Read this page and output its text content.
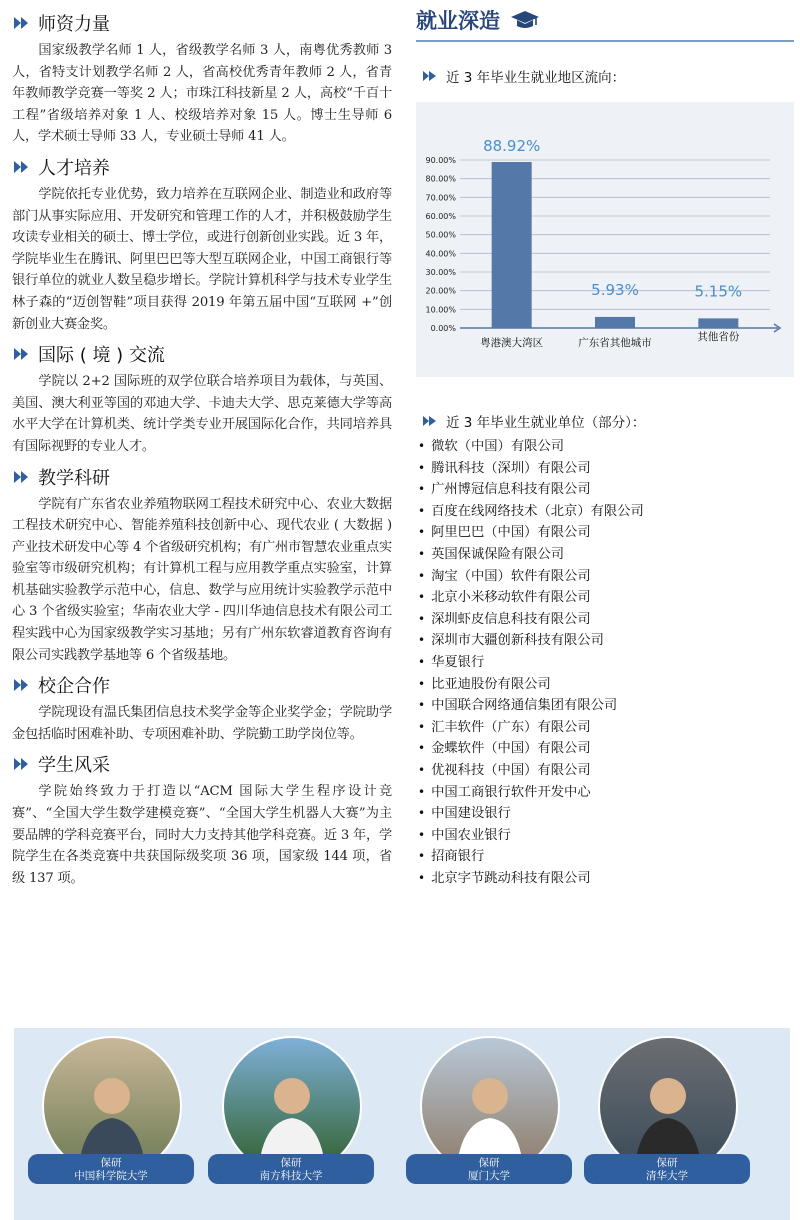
师资力量
国家级教学名师 1 人，省级教学名师 3 人，南粤优秀教师 3 人，省特支计划教学名师 2 人，省高校优秀青年教师 2 人，省青年教师教学竞赛一等奖 2 人；市珠江科技新星 2 人，高校“千百十工程”省级培养对象 1 人、校级培养对象 15 人。博士生导师 6 人，学术硕士导师 33 人，专业硕士导师 41 人。
人才培养
学院依托专业优势，致力培养在互联网企业、制造业和政府等部门从事实际应用、开发研究和管理工作的人才，并积极鼓励学生攻读专业相关的硕士、博士学位，或进行创新创业实践。近 3 年，学院毕业生在腾讯、阿里巴巴等大型互联网企业，中国工商银行等银行单位的就业人数呈稳步增长。学院计算机科学与技术专业学生林子森的“迈创智鞋”项目获得 2019 年第五届中国“互联网 +”创新创业大赛金奖。
国际 ( 境 ) 交流
学院以 2+2 国际班的双学位联合培养项目为载体，与英国、美国、澳大利亚等国的邓迪大学、卡迪夫大学、思克莱德大学等高水平大学在计算机类、统计学类专业开展国际化合作，共同培养具有国际视野的专业人才。
教学科研
学院有广东省农业养殖物联网工程技术研究中心、农业大数据工程技术研究中心、智能养殖科技创新中心、现代农业 ( 大数据 ) 产业技术研发中心等 4 个省级研究机构；有广州市智慧农业重点实验室等市级研究机构；有计算机工程与应用教学重点实验室，计算机基础实验教学示范中心，信息、数学与应用统计实验教学示范中心 3 个省级实验室；华南农业大学 - 四川华迪信息技术有限公司工程实践中心为国家级教学实习基地；另有广州东软睿道教育咨询有限公司实践教学基地等 6 个省级基地。
校企合作
学院现设有温氏集团信息技术奖学金等企业奖学金；学院助学金包括临时困难补助、专项困难补助、学院勤工助学岗位等。
学生风采
学院始终致力于打造以“ACM 国际大学生程序设计竞赛”、“全国大学生数学建模竞赛”、“全国大学生机器人大赛”为主要品牌的学科竞赛平台，同时大力支持其他学科竞赛。近 3 年，学院学生在各类竞赛中共获国际级奖项 36 项，国家级 144 项，省级 137 项。
就业深造
近 3 年毕业生就业地区流向：
0.00%
10.00%
20.00%
30.00%
40.00%
50.00%
60.00%
70.00%
80.00%
90.00%
88.92%
粤港澳大湾区
5.93%
广东省其他城市
5.15%
其他省份
近 3 年毕业生就业单位（部分）：
• 微软（中国）有限公司
• 腾讯科技（深圳）有限公司
• 广州博冠信息科技有限公司
• 百度在线网络技术（北京）有限公司
• 阿里巴巴（中国）有限公司
• 英国保诚保险有限公司
• 淘宝（中国）软件有限公司
• 北京小米移动软件有限公司
• 深圳虾皮信息科技有限公司
• 深圳市大疆创新科技有限公司
• 华夏银行
• 比亚迪股份有限公司
• 中国联合网络通信集团有限公司
• 汇丰软件（广东）有限公司
• 金蝶软件（中国）有限公司
• 优视科技（中国）有限公司
• 中国工商银行软件开发中心
• 中国建设银行
• 中国农业银行
• 招商银行
• 北京字节跳动科技有限公司
保研
中国科学院大学
保研
南方科技大学
保研
厦门大学
保研
清华大学
